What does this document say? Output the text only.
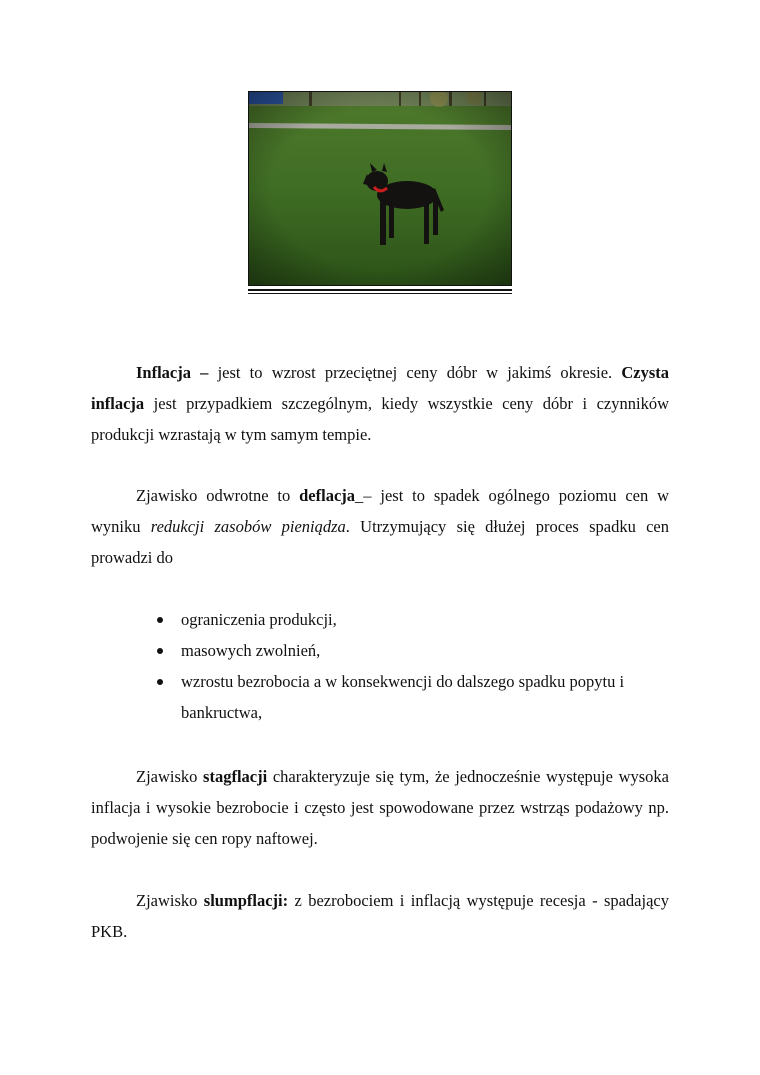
Inflacja – jest to wzrost przeciętnej ceny dóbr w jakimś okresie. Czysta inflacja jest przypadkiem szczególnym, kiedy wszystkie ceny dóbr i czynników produkcji wzrastają w tym samym tempie.

Zjawisko odwrotne to deflacja_– jest to spadek ogólnego poziomu cen w wyniku redukcji zasobów pieniądza. Utrzymujący się dłużej proces spadku cen prowadzi do

ograniczenia produkcji,
masowych zwolnień,
wzrostu bezrobocia a w konsekwencji do dalszego spadku popytu i bankructwa,

Zjawisko stagflacji charakteryzuje się tym, że jednocześnie występuje wysoka inflacja i wysokie bezrobocie i często jest spowodowane przez wstrząs podażowy np. podwojenie się cen ropy naftowej.

Zjawisko slumpflacji: z bezrobociem i inflacją występuje recesja - spadający PKB.
